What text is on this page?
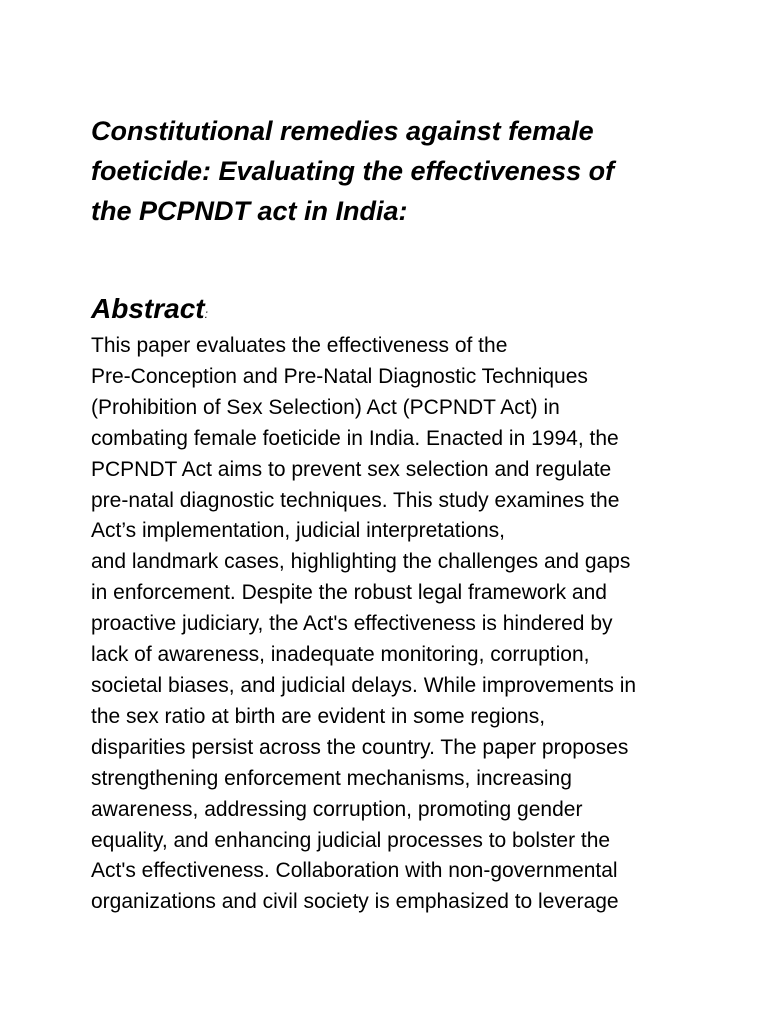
Constitutional remedies against female
foeticide: Evaluating the effectiveness of
the PCPNDT act in India:
Abstract:

This paper evaluates the effectiveness of the
Pre-Conception and Pre-Natal Diagnostic Techniques
(Prohibition of Sex Selection) Act (PCPNDT Act) in
combating female foeticide in India. Enacted in 1994, the
PCPNDT Act aims to prevent sex selection and regulate
pre-natal diagnostic techniques. This study examines the
Act’s implementation, judicial interpretations,
and landmark cases, highlighting the challenges and gaps
in enforcement. Despite the robust legal framework and
proactive judiciary, the Act's effectiveness is hindered by
lack of awareness, inadequate monitoring, corruption,
societal biases, and judicial delays. While improvements in
the sex ratio at birth are evident in some regions,
disparities persist across the country. The paper proposes
strengthening enforcement mechanisms, increasing
awareness, addressing corruption, promoting gender
equality, and enhancing judicial processes to bolster the
Act's effectiveness. Collaboration with non-governmental
organizations and civil society is emphasized to leverage
